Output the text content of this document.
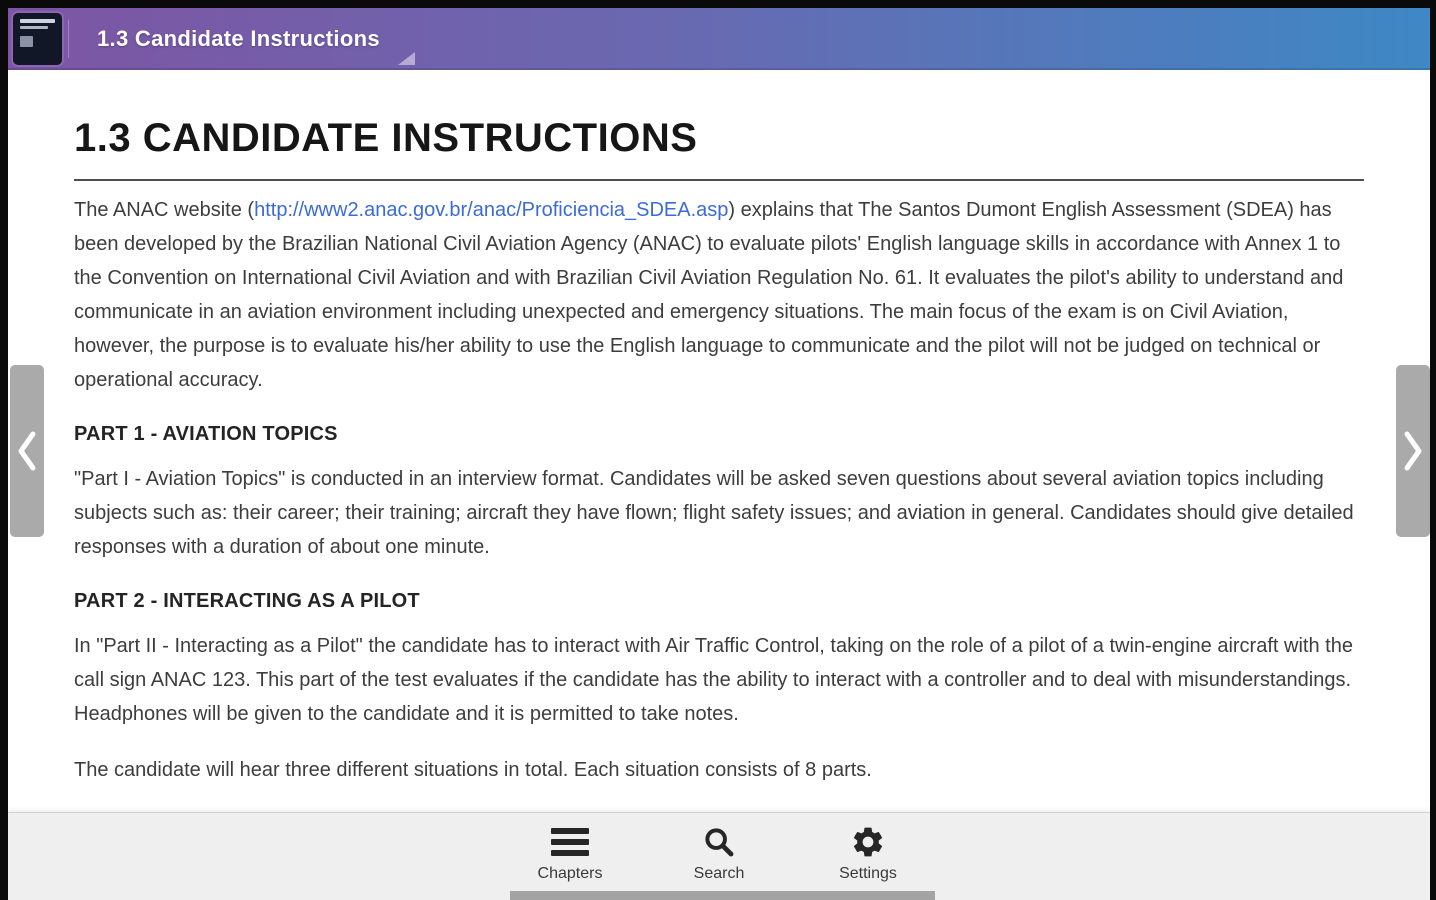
1.3 Candidate Instructions
1.3 CANDIDATE INSTRUCTIONS

The ANAC website (http://www2.anac.gov.br/anac/Proficiencia_SDEA.asp) explains that The Santos Dumont English Assessment (SDEA) has been developed by the Brazilian National Civil Aviation Agency (ANAC) to evaluate pilots' English language skills in accordance with Annex 1 to the Convention on International Civil Aviation and with Brazilian Civil Aviation Regulation No. 61. It evaluates the pilot's ability to understand and communicate in an aviation environment including unexpected and emergency situations. The main focus of the exam is on Civil Aviation, however, the purpose is to evaluate his/her ability to use the English language to communicate and the pilot will not be judged on technical or operational accuracy.

PART 1 - AVIATION TOPICS

"Part I - Aviation Topics" is conducted in an interview format. Candidates will be asked seven questions about several aviation topics including subjects such as: their career; their training; aircraft they have flown; flight safety issues; and aviation in general. Candidates should give detailed responses with a duration of about one minute.

PART 2 - INTERACTING AS A PILOT

In "Part II - Interacting as a Pilot" the candidate has to interact with Air Traffic Control, taking on the role of a pilot of a twin-engine aircraft with the call sign ANAC 123. This part of the test evaluates if the candidate has the ability to interact with a controller and to deal with misunderstandings. Headphones will be given to the candidate and it is permitted to take notes.

The candidate will hear three different situations in total. Each situation consists of 8 parts.

Chapters	Search	Settings
